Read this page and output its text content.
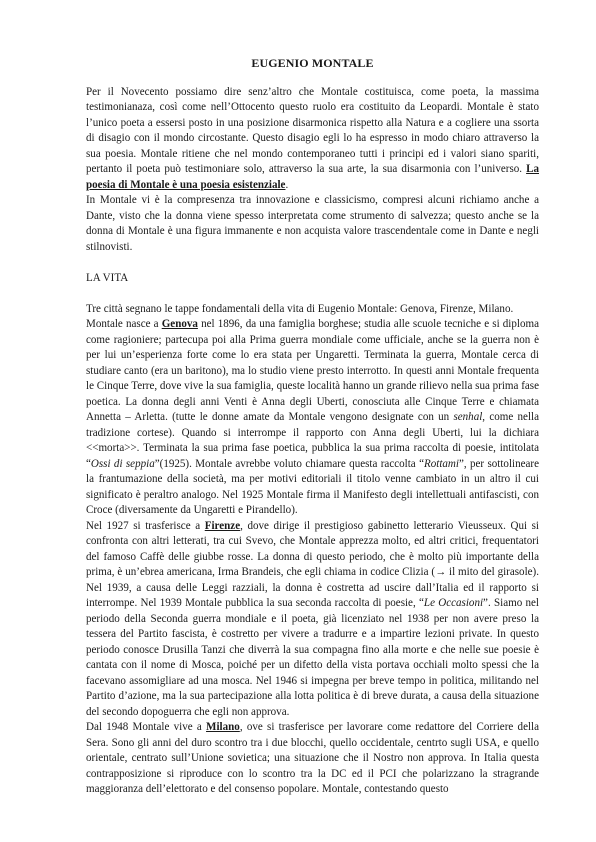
EUGENIO MONTALE

Per il Novecento possiamo dire senz’altro che Montale costituisca, come poeta, la massima testimonianaza, così come nell’Ottocento questo ruolo era costituito da Leopardi. Montale è stato l’unico poeta a essersi posto in una posizione disarmonica rispetto alla Natura e a cogliere una ssorta di disagio con il mondo circostante. Questo disagio egli lo ha espresso in modo chiaro attraverso la sua poesia. Montale ritiene che nel mondo contemporaneo tutti i principi ed i valori siano spariti, pertanto il poeta può testimoniare solo, attraverso la sua arte, la sua disarmonia con l’universo. La poesia di Montale è una poesia esistenziale.

In Montale vi è la compresenza tra innovazione e classicismo, compresi alcuni richiamo anche a Dante, visto che la donna viene spesso interpretata come strumento di salvezza; questo anche se la donna di Montale è una figura immanente e non acquista valore trascendentale come in Dante e negli stilnovisti.

LA VITA

Tre città segnano le tappe fondamentali della vita di Eugenio Montale: Genova, Firenze, Milano.

Montale nasce a Genova nel 1896, da una famiglia borghese; studia alle scuole tecniche e si diploma come ragioniere; partecupa poi alla Prima guerra mondiale come ufficiale, anche se la guerra non è per lui un’esperienza forte come lo era stata per Ungaretti. Terminata la guerra, Montale cerca di studiare canto (era un baritono), ma lo studio viene presto interrotto. In questi anni Montale frequenta le Cinque Terre, dove vive la sua famiglia, queste località hanno un grande rilievo nella sua prima fase poetica. La donna degli anni Venti è Anna degli Uberti, conosciuta alle Cinque Terre e chiamata Annetta – Arletta. (tutte le donne amate da Montale vengono designate con un senhal, come nella tradizione cortese). Quando si interrompe il rapporto con Anna degli Uberti, lui la dichiara <<morta>>. Terminata la sua prima fase poetica, pubblica la sua prima raccolta di poesie, intitolata “Ossi di seppia”(1925). Montale avrebbe voluto chiamare questa raccolta “Rottami”, per sottolineare la frantumazione della società, ma per motivi editoriali il titolo venne cambiato in un altro il cui significato è peraltro analogo. Nel 1925 Montale firma il Manifesto degli intellettuali antifascisti, con Croce (diversamente da Ungaretti e Pirandello).

Nel 1927 si trasferisce a Firenze, dove dirige il prestigioso gabinetto letterario Vieusseux. Qui si confronta con altri letterati, tra cui Svevo, che Montale apprezza molto, ed altri critici, frequentatori del famoso Caffè delle giubbe rosse. La donna di questo periodo, che è molto più importante della prima, è un’ebrea americana, Irma Brandeis, che egli chiama in codice Clizia (→ il mito del girasole). Nel 1939, a causa delle Leggi razziali, la donna è costretta ad uscire dall’Italia ed il rapporto si interrompe. Nel 1939 Montale pubblica la sua seconda raccolta di poesie, “Le Occasioni”. Siamo nel periodo della Seconda guerra mondiale e il poeta, già licenziato nel 1938 per non avere preso la tessera del Partito fascista, è costretto per vivere a tradurre e a impartire lezioni private. In questo periodo conosce Drusilla Tanzi che diverrà la sua compagna fino alla morte e che nelle sue poesie è cantata con il nome di Mosca, poiché per un difetto della vista portava occhiali molto spessi che la facevano assomigliare ad una mosca. Nel 1946 si impegna per breve tempo in politica, militando nel Partito d’azione, ma la sua partecipazione alla lotta politica è di breve durata, a causa della situazione del secondo dopoguerra che egli non approva.

Dal 1948 Montale vive a Milano, ove si trasferisce per lavorare come redattore del Corriere della Sera. Sono gli anni del duro scontro tra i due blocchi, quello occidentale, centrto sugli USA, e quello orientale, centrato sull’Unione sovietica; una situazione che il Nostro non approva. In Italia questa contrapposizione si riproduce con lo scontro tra la DC ed il PCI che polarizzano la stragrande maggioranza dell’elettorato e del consenso popolare. Montale, contestando questo
